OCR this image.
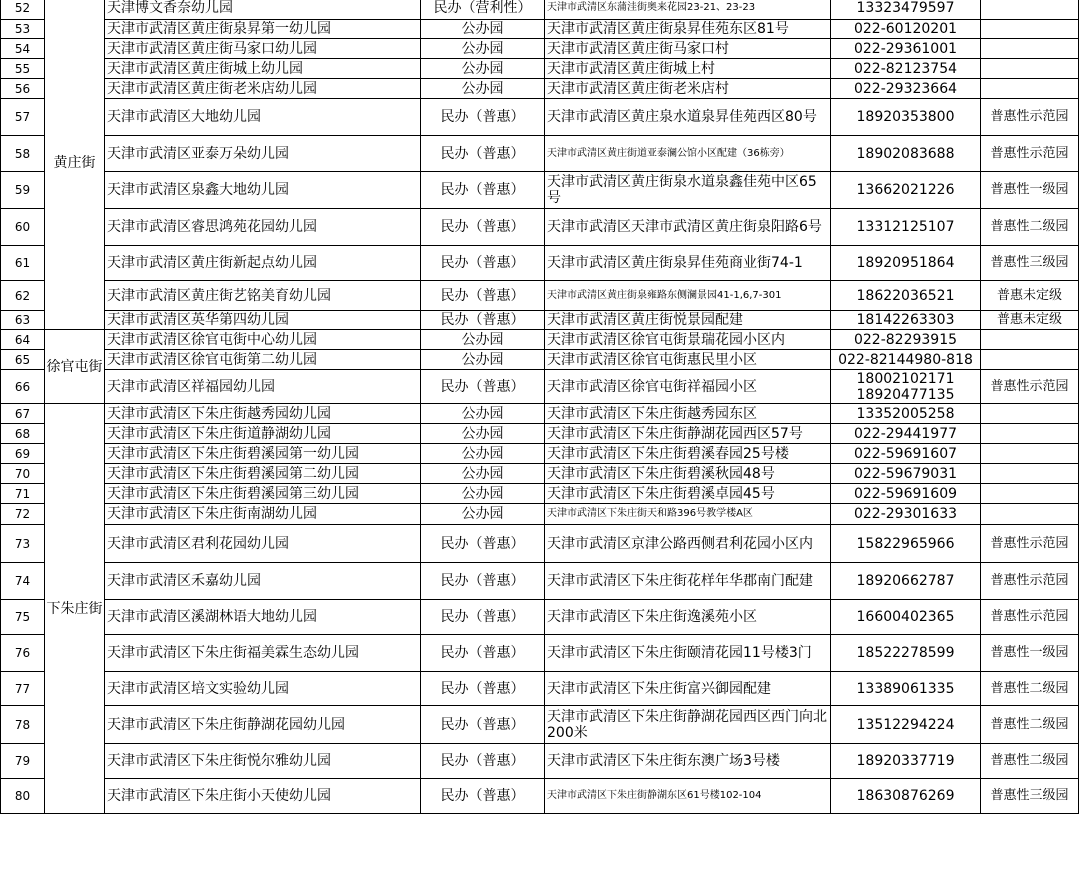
52	黄庄街	天津博文香奈幼儿园	民办（营利性）	天津市武清区东蒲洼街奥来花园23-21、23-23	13323479597	

53		天津市武清区黄庄街泉昇第一幼儿园	公办园	天津市武清区黄庄街泉昇佳苑东区81号	022-60120201	

54		天津市武清区黄庄街马家口幼儿园	公办园	天津市武清区黄庄街马家口村	022-29361001	

55		天津市武清区黄庄街城上幼儿园	公办园	天津市武清区黄庄街城上村	022-82123754	

56		天津市武清区黄庄街老米店幼儿园	公办园	天津市武清区黄庄街老米店村	022-29323664	

57		天津市武清区大地幼儿园	民办（普惠）	天津市武清区黄庄泉水道泉昇佳苑西区80号	18920353800	普惠性示范园
58		天津市武清区亚泰万朵幼儿园	民办（普惠）	天津市武清区黄庄街道亚泰澜公馆小区配建（36栋旁）	18902083688	普惠性示范园
59		天津市武清区泉鑫大地幼儿园	民办（普惠）	天津市武清区黄庄街泉水道泉鑫佳苑中区65号	13662021226	普惠性一级园
60		天津市武清区睿思鸿苑花园幼儿园	民办（普惠）	天津市武清区天津市武清区黄庄街泉阳路6号	13312125107	普惠性二级园
61		天津市武清区黄庄街新起点幼儿园	民办（普惠）	天津市武清区黄庄街泉昇佳苑商业街74-1	18920951864	普惠性三级园
62		天津市武清区黄庄街艺铭美育幼儿园	民办（普惠）	天津市武清区黄庄街泉雍路东侧澜景园41-1,6,7-301	18622036521	普惠未定级
63		天津市武清区英华第四幼儿园	民办（普惠）	天津市武清区黄庄街悦景园配建	18142263303	普惠未定级
64	徐官屯街	天津市武清区徐官屯街中心幼儿园	公办园	天津市武清区徐官屯街景瑞花园小区内	022-82293915	

65		天津市武清区徐官屯街第二幼儿园	公办园	天津市武清区徐官屯街惠民里小区	022-82144980-818	

66		天津市武清区祥福园幼儿园	民办（普惠）	天津市武清区徐官屯街祥福园小区	18002102171
18920477135	普惠性示范园
67	下朱庄街	天津市武清区下朱庄街越秀园幼儿园	公办园	天津市武清区下朱庄街越秀园东区	13352005258	

68		天津市武清区下朱庄街道静湖幼儿园	公办园	天津市武清区下朱庄街静湖花园西区57号	022-29441977	

69		天津市武清区下朱庄街碧溪园第一幼儿园	公办园	天津市武清区下朱庄街碧溪春园25号楼	022-59691607	

70		天津市武清区下朱庄街碧溪园第二幼儿园	公办园	天津市武清区下朱庄街碧溪秋园48号	022-59679031	

71		天津市武清区下朱庄街碧溪园第三幼儿园	公办园	天津市武清区下朱庄街碧溪卓园45号	022-59691609	

72		天津市武清区下朱庄街南湖幼儿园	公办园	天津市武清区下朱庄街天和路396号教学楼A区	022-29301633	

73		天津市武清区君利花园幼儿园	民办（普惠）	天津市武清区京津公路西侧君利花园小区内	15822965966	普惠性示范园
74		天津市武清区禾嘉幼儿园	民办（普惠）	天津市武清区下朱庄街花样年华郡南门配建	18920662787	普惠性示范园
75		天津市武清区溪湖林语大地幼儿园	民办（普惠）	天津市武清区下朱庄街逸溪苑小区	16600402365	普惠性示范园
76		天津市武清区下朱庄街福美霖生态幼儿园	民办（普惠）	天津市武清区下朱庄街颐清花园11号楼3门	18522278599	普惠性一级园
77		天津市武清区培文实验幼儿园	民办（普惠）	天津市武清区下朱庄街富兴御园配建	13389061335	普惠性二级园
78		天津市武清区下朱庄街静湖花园幼儿园	民办（普惠）	天津市武清区下朱庄街静湖花园西区西门向北200米	13512294224	普惠性二级园
79		天津市武清区下朱庄街悦尔雅幼儿园	民办（普惠）	天津市武清区下朱庄街东澳广场3号楼	18920337719	普惠性二级园
80		天津市武清区下朱庄街小天使幼儿园	民办（普惠）	天津市武清区下朱庄街静湖东区61号楼102-104	18630876269	普惠性三级园
